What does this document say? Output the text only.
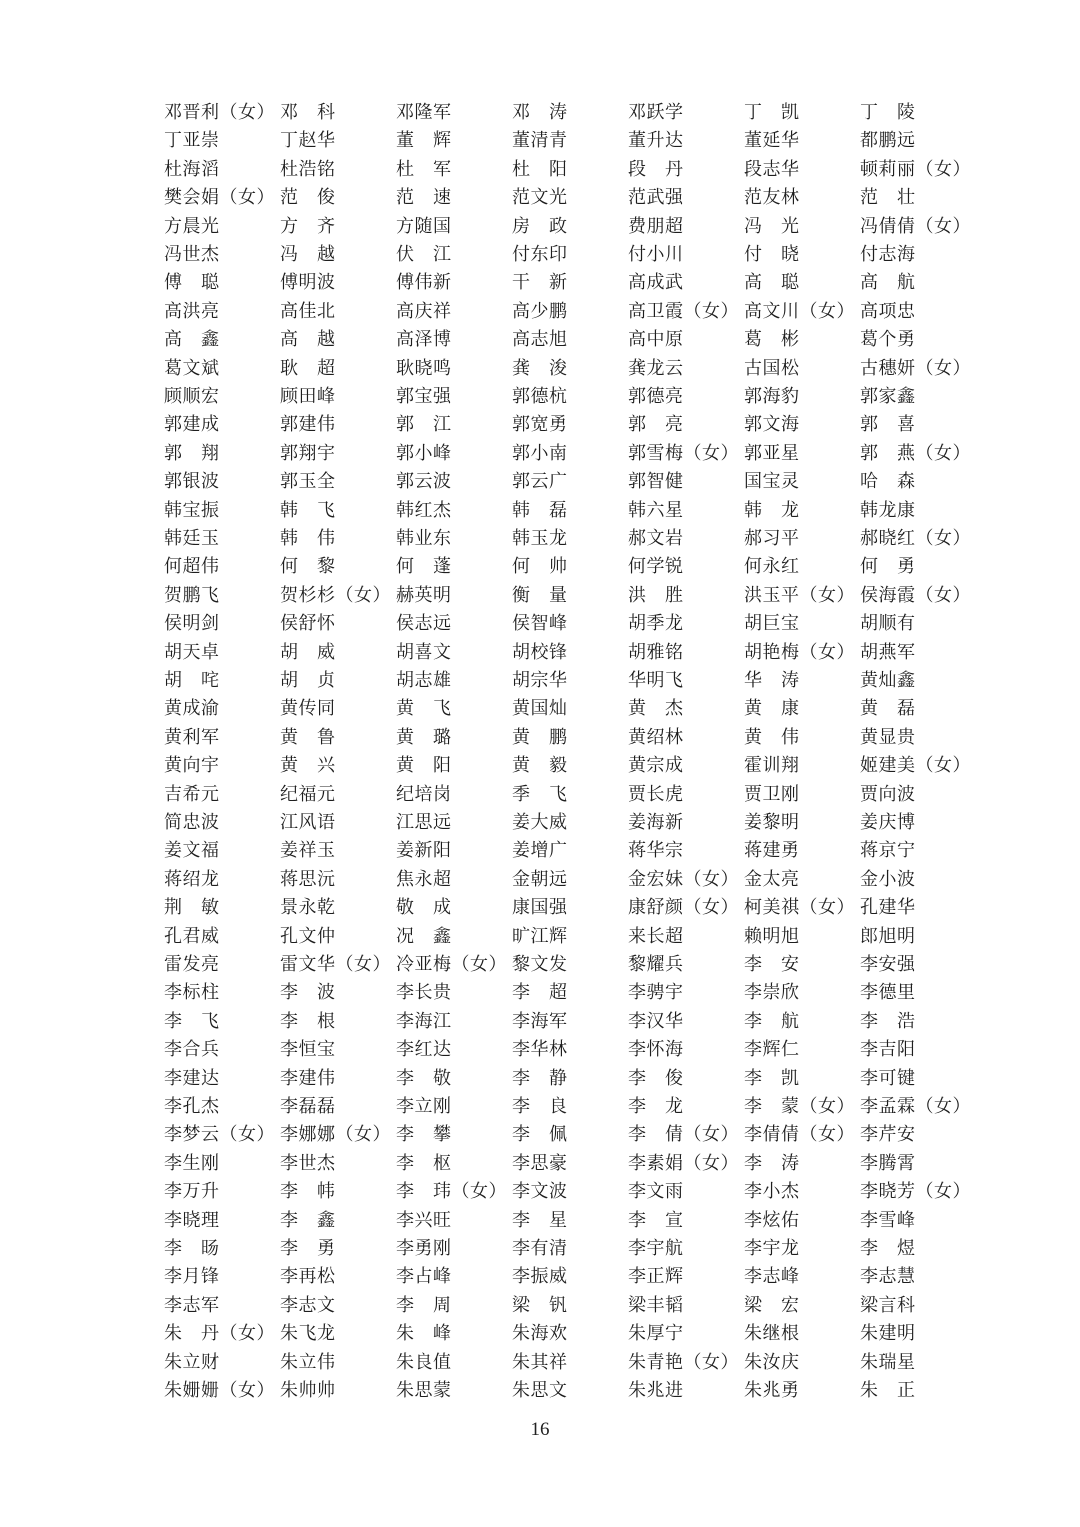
邓晋利（女） 邓　科	邓隆军	邓　涛	邓跃学	丁　凯	丁　陵
丁亚崇	丁赵华	董　辉	董清青	董升达	董延华	都鹏远
杜海滔	杜浩铭	杜　军	杜　阳	段　丹	段志华	顿莉丽（女）
樊会娟（女） 范　俊	范　速	范文光	范武强	范友林	范　壮
方晨光	方　齐	方随国	房　政	费朋超	冯　光	冯倩倩（女）
冯世杰	冯　越	伏　江	付东印	付小川	付　晓	付志海
傅　聪	傅明波	傅伟新	干　新	高成武	高　聪	高　航
高洪亮	高佳北	高庆祥	高少鹏	高卫霞（女） 高文川（女） 高项忠
高　鑫	高　越	高泽博	高志旭	高中原	葛　彬	葛个勇
葛文斌	耿　超	耿晓鸣	龚　浚	龚龙云	古国松	古穗妍（女）
顾顺宏	顾田峰	郭宝强	郭德杭	郭德亮	郭海豹	郭家鑫
郭建成	郭建伟	郭　江	郭宽勇	郭　亮	郭文海	郭　喜
郭　翔	郭翔宇	郭小峰	郭小南	郭雪梅（女） 郭亚星	郭　燕（女）
郭银波	郭玉全	郭云波	郭云广	郭智健	国宝灵	哈　森
韩宝振	韩　飞	韩红杰	韩　磊	韩六星	韩　龙	韩龙康
韩廷玉	韩　伟	韩业东	韩玉龙	郝文岩	郝习平	郝晓红（女）
何超伟	何　黎	何　蓬	何　帅	何学锐	何永红	何　勇
贺鹏飞	贺杉杉（女） 赫英明	衡　量	洪　胜	洪玉平（女） 侯海霞（女）
侯明剑	侯舒怀	侯志远	侯智峰	胡季龙	胡巨宝	胡顺有
胡天卓	胡　威	胡喜文	胡校锋	胡雅铭	胡艳梅（女） 胡燕军
胡　咤	胡　贞	胡志雄	胡宗华	华明飞	华　涛	黄灿鑫
黄成渝	黄传同	黄　飞	黄国灿	黄　杰	黄　康	黄　磊
黄利军	黄　鲁	黄　璐	黄　鹏	黄绍林	黄　伟	黄显贵
黄向宇	黄　兴	黄　阳	黄　毅	黄宗成	霍训翔	姬建美（女）
吉希元	纪福元	纪培岗	季　飞	贾长虎	贾卫刚	贾向波
简忠波	江风语	江思远	姜大威	姜海新	姜黎明	姜庆博
姜文福	姜祥玉	姜新阳	姜增广	蒋华宗	蒋建勇	蒋京宁
蒋绍龙	蒋思沅	焦永超	金朝远	金宏妹（女） 金太亮	金小波
荆　敏	景永乾	敬　成	康国强	康舒颜（女） 柯美祺（女） 孔建华
孔君威	孔文仲	况　鑫	旷江辉	来长超	赖明旭	郎旭明
雷发亮	雷文华（女） 冷亚梅（女） 黎文发	黎耀兵	李　安	李安强
李标柱	李　波	李长贵	李　超	李骋宇	李崇欣	李德里
李　飞	李　根	李海江	李海军	李汉华	李　航	李　浩
李合兵	李恒宝	李红达	李华林	李怀海	李辉仁	李吉阳
李建达	李建伟	李　敬	李　静	李　俊	李　凯	李可键
李孔杰	李磊磊	李立刚	李　良	李　龙	李　蒙（女） 李孟霖（女）
李梦云（女） 李娜娜（女） 李　攀	李　佩	李　倩（女） 李倩倩（女） 李芹安
李生刚	李世杰	李　枢	李思豪	李素娟（女） 李　涛	李腾霄
李万升	李　帏	李　玮（女） 李文波	李文雨	李小杰	李晓芳（女）
李晓理	李　鑫	李兴旺	李　星	李　宣	李炫佑	李雪峰
李　旸	李　勇	李勇刚	李有清	李宇航	李宇龙	李　煜
李月锋	李再松	李占峰	李振威	李正辉	李志峰	李志慧
李志军	李志文	李　周	梁　钒	梁丰韬	梁　宏	梁言科
朱　丹（女） 朱飞龙	朱　峰	朱海欢	朱厚宁	朱继根	朱建明
朱立财	朱立伟	朱良值	朱其祥	朱青艳（女） 朱汝庆	朱瑞星
朱姗姗（女） 朱帅帅	朱思蒙	朱思文	朱兆进	朱兆勇	朱　正
16
